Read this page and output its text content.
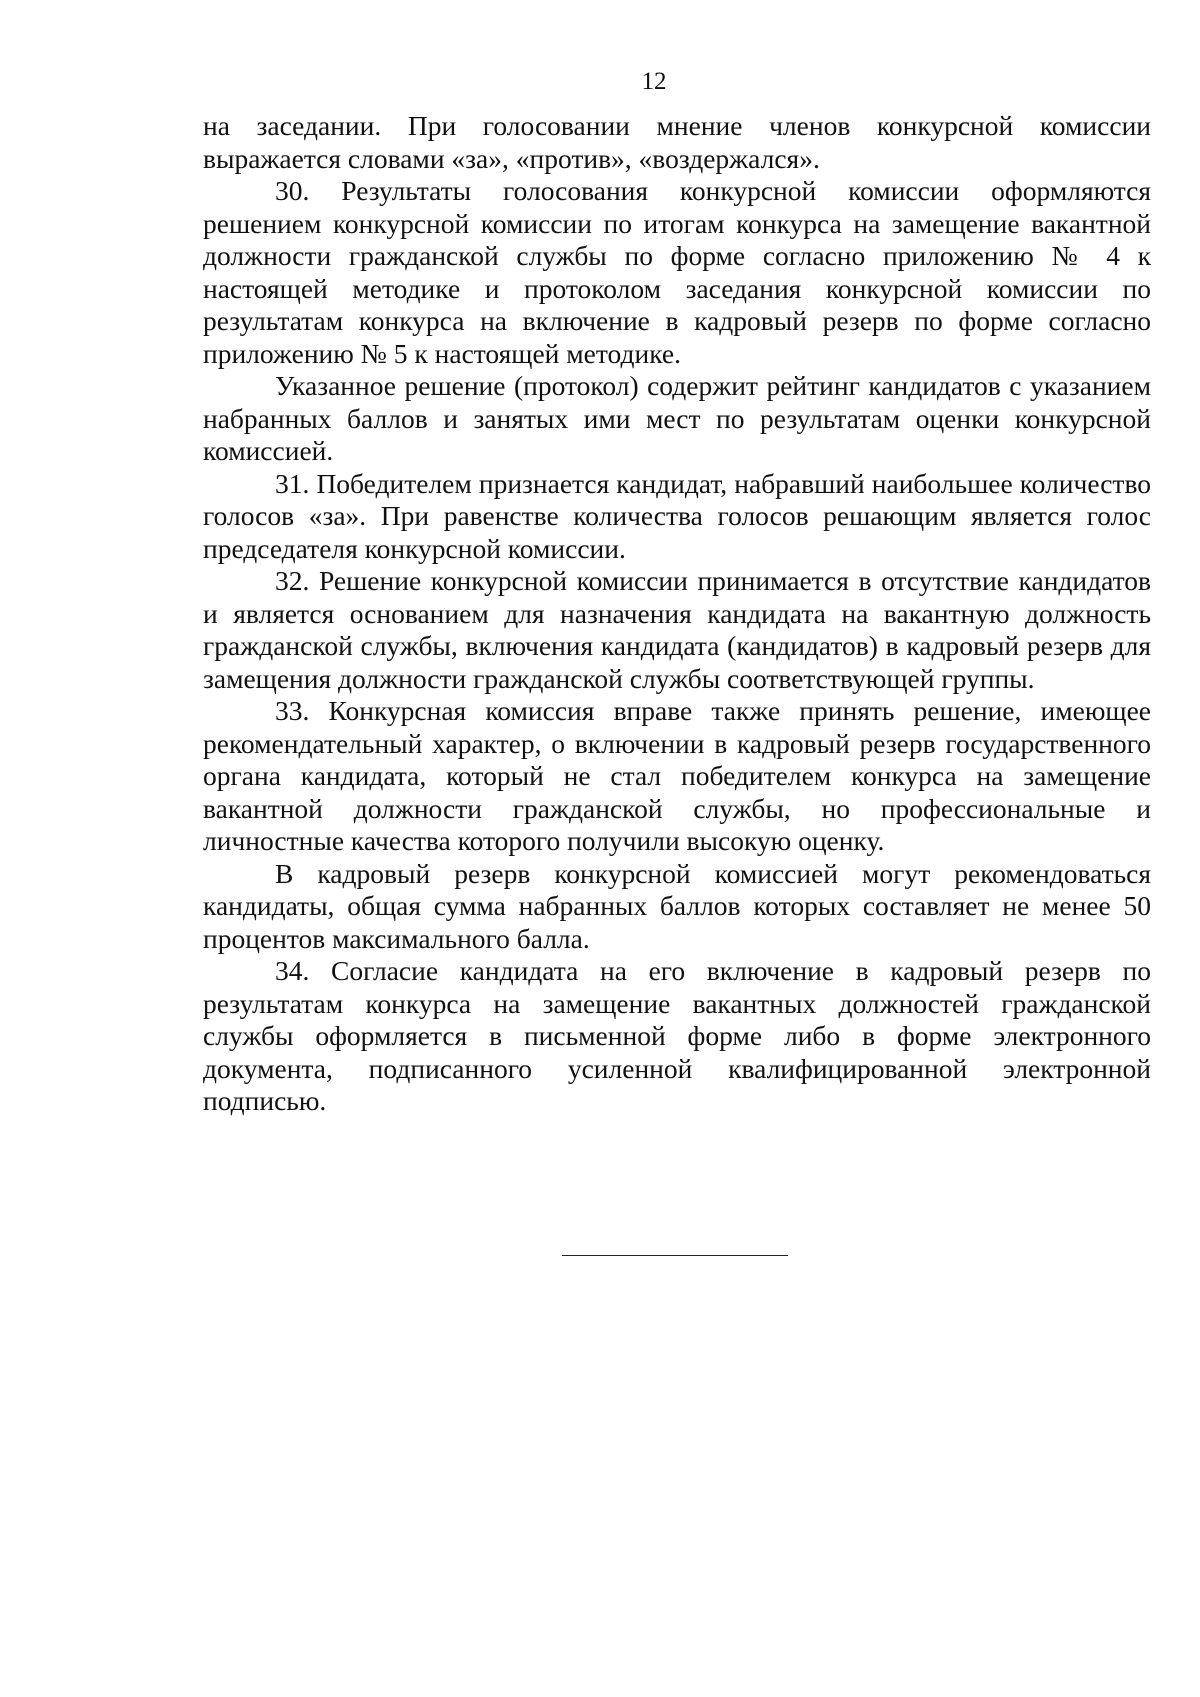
12

на заседании. При голосовании мнение членов конкурсной комиссии выражается словами «за», «против», «воздержался».

30. Результаты голосования конкурсной комиссии оформляются решением конкурсной комиссии по итогам конкурса на замещение вакантной должности гражданской службы по форме согласно приложению № 4 к настоящей методике и протоколом заседания конкурсной комиссии по результатам конкурса на включение в кадровый резерв по форме согласно приложению № 5 к настоящей методике.

Указанное решение (протокол) содержит рейтинг кандидатов с указанием набранных баллов и занятых ими мест по результатам оценки конкурсной комиссией.

31. Победителем признается кандидат, набравший наибольшее количество голосов «за». При равенстве количества голосов решающим является голос председателя конкурсной комиссии.

32. Решение конкурсной комиссии принимается в отсутствие кандидатов и является основанием для назначения кандидата на вакантную должность гражданской службы, включения кандидата (кандидатов) в кадровый резерв для замещения должности гражданской службы соответствующей группы.

33. Конкурсная комиссия вправе также принять решение, имеющее рекомендательный характер, о включении в кадровый резерв государственного органа кандидата, который не стал победителем конкурса на замещение вакантной должности гражданской службы, но профессиональные и личностные качества которого получили высокую оценку.

В кадровый резерв конкурсной комиссией могут рекомендоваться кандидаты, общая сумма набранных баллов которых составляет не менее 50 процентов максимального балла.

34. Согласие кандидата на его включение в кадровый резерв по результатам конкурса на замещение вакантных должностей гражданской службы оформляется в письменной форме либо в форме электронного документа, подписанного усиленной квалифицированной электронной подписью.
